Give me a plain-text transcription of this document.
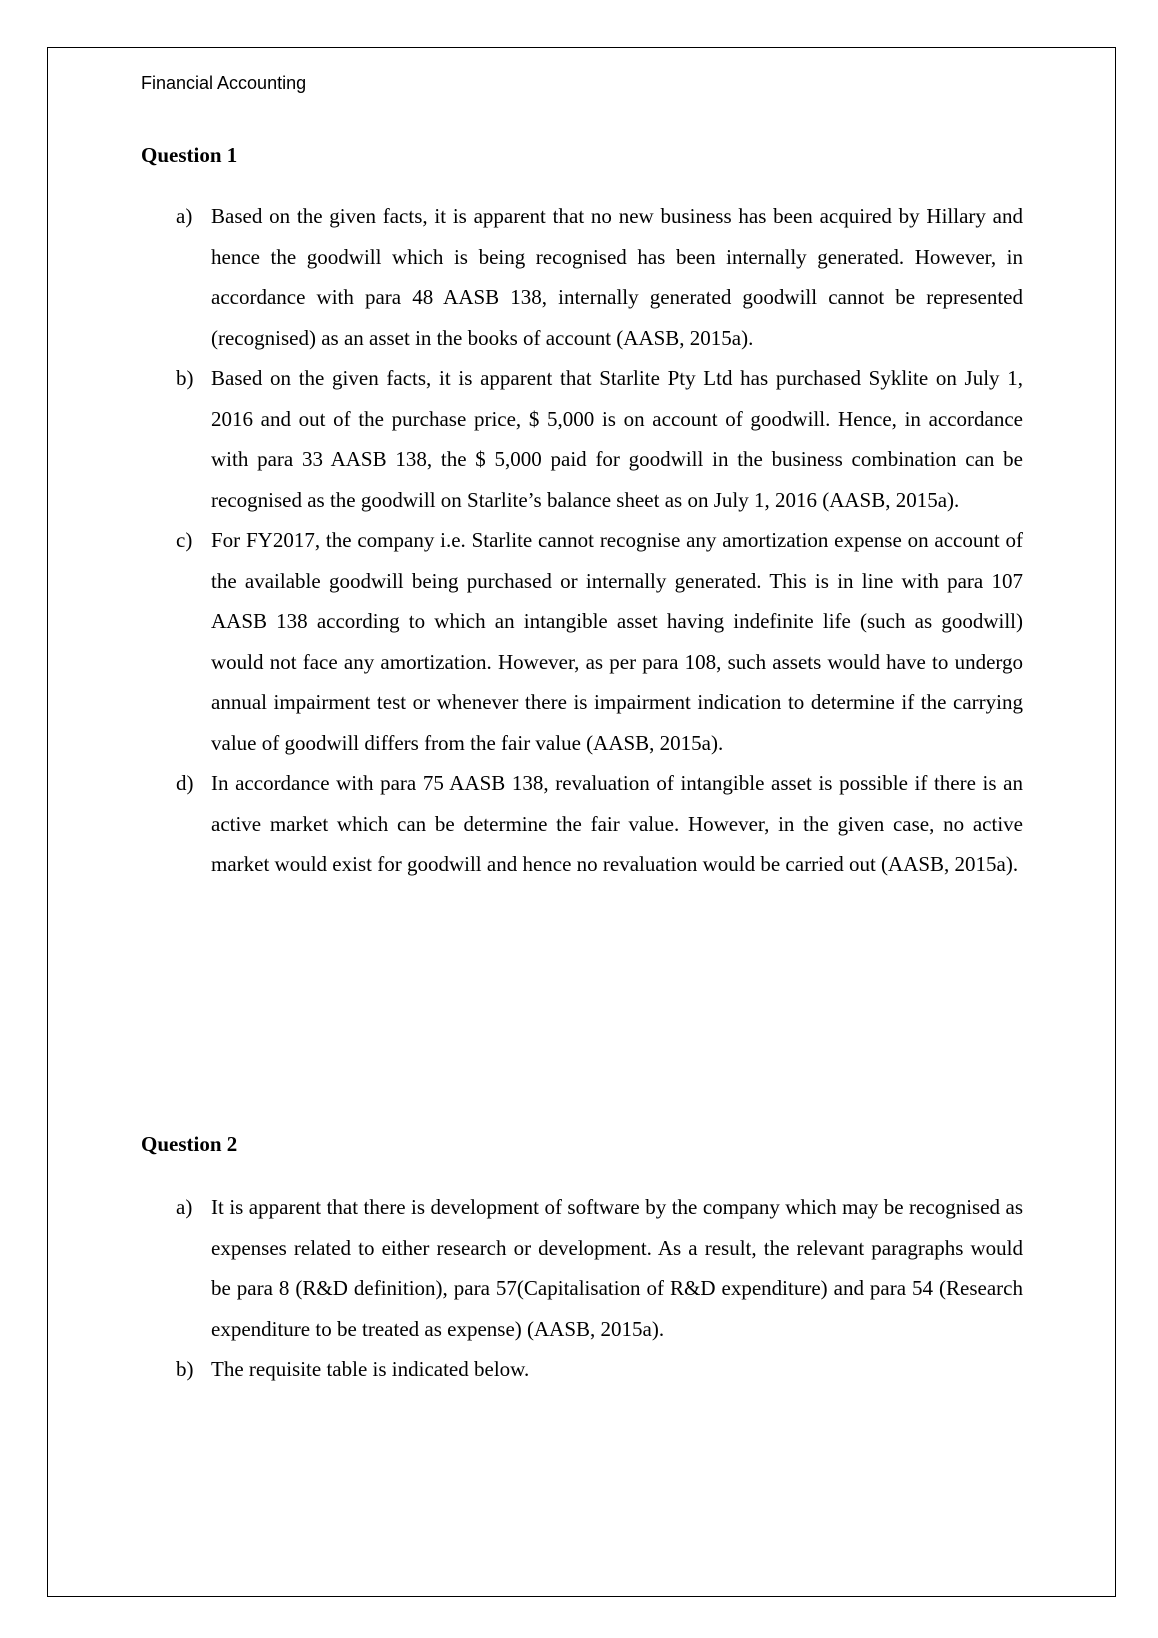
Financial Accounting
Question 1
a) Based on the given facts, it is apparent that no new business has been acquired by Hillary and hence the goodwill which is being recognised has been internally generated. However, in accordance with para 48 AASB 138, internally generated goodwill cannot be represented (recognised) as an asset in the books of account (AASB, 2015a).
b) Based on the given facts, it is apparent that Starlite Pty Ltd has purchased Syklite on July 1, 2016 and out of the purchase price, $ 5,000 is on account of goodwill. Hence, in accordance with para 33 AASB 138, the $ 5,000 paid for goodwill in the business combination can be recognised as the goodwill on Starlite’s balance sheet as on July 1, 2016 (AASB, 2015a).
c) For FY2017, the company i.e. Starlite cannot recognise any amortization expense on account of the available goodwill being purchased or internally generated. This is in line with para 107 AASB 138 according to which an intangible asset having indefinite life (such as goodwill) would not face any amortization. However, as per para 108, such assets would have to undergo annual impairment test or whenever there is impairment indication to determine if the carrying value of goodwill differs from the fair value (AASB, 2015a).
d) In accordance with para 75 AASB 138, revaluation of intangible asset is possible if there is an active market which can be determine the fair value. However, in the given case, no active market would exist for goodwill and hence no revaluation would be carried out (AASB, 2015a).
Question 2
a) It is apparent that there is development of software by the company which may be recognised as expenses related to either research or development. As a result, the relevant paragraphs would be para 8 (R&D definition), para 57(Capitalisation of R&D expenditure) and para 54 (Research expenditure to be treated as expense) (AASB, 2015a).
b) The requisite table is indicated below.
